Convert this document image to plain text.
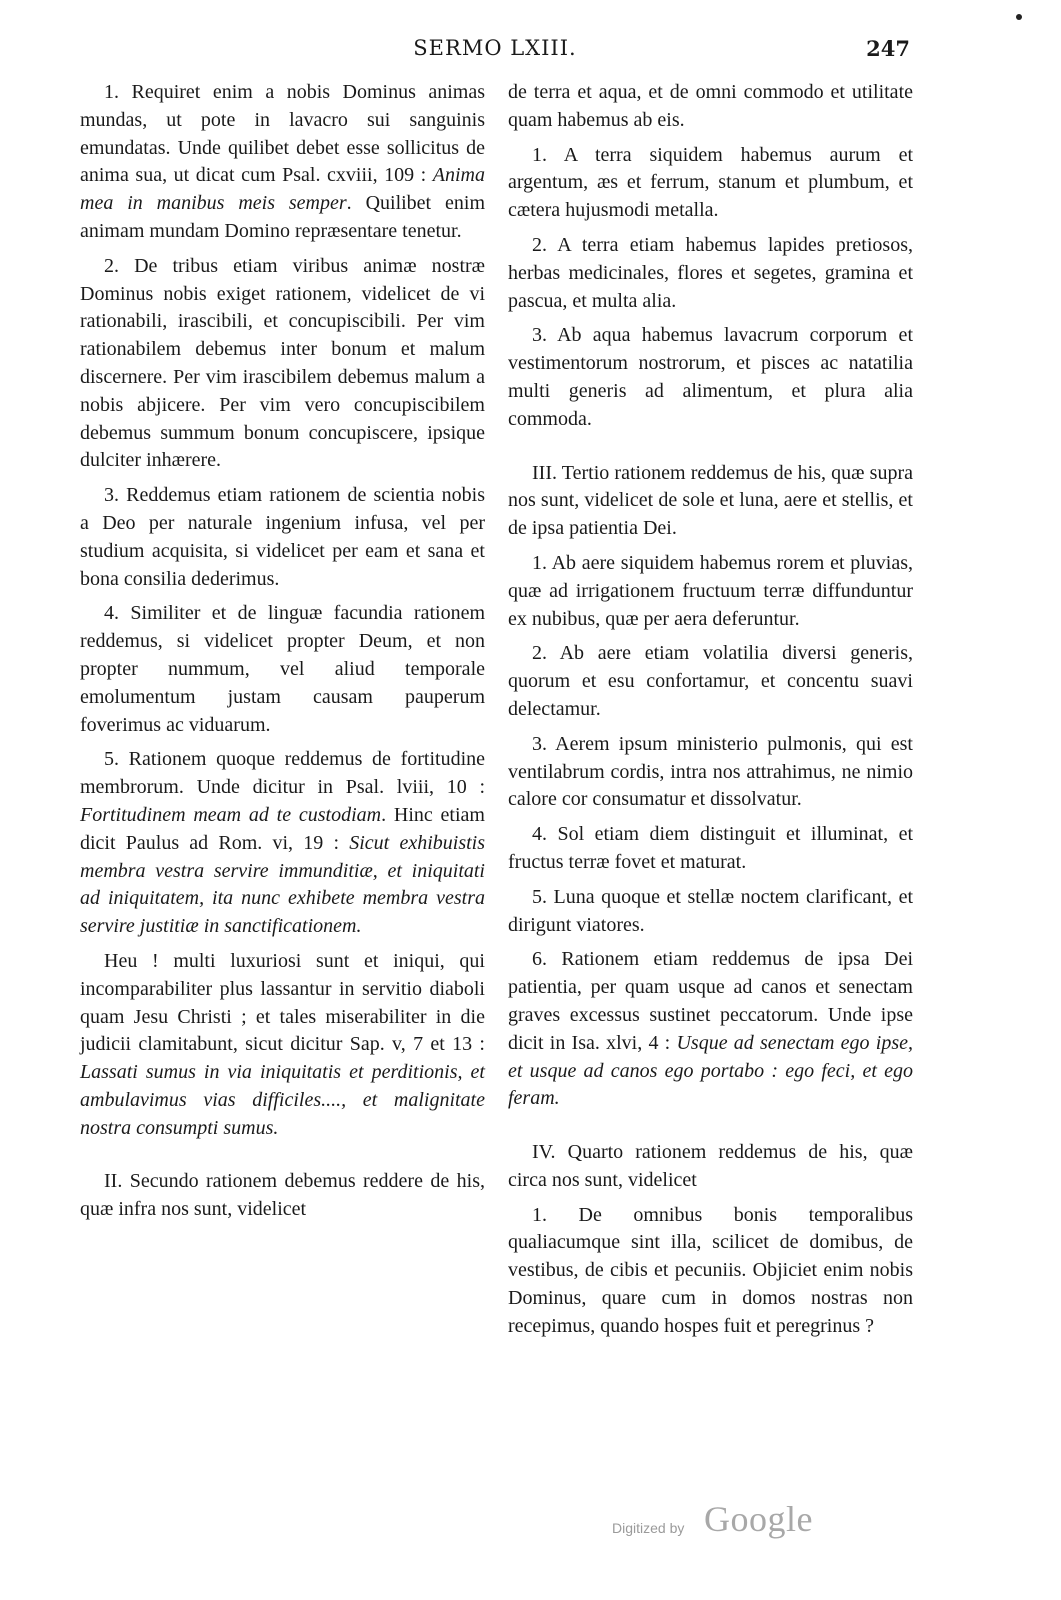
SERMO LXIII.	247

1. Requiret enim a nobis Dominus animas mundas, ut pote in lavacro sui sanguinis emundatas. Unde quilibet debet esse sollicitus de anima sua, ut dicat cum Psal. cxviii, 109 : Anima mea in manibus meis semper. Quilibet enim animam mundam Domino repræsentare tenetur.

2. De tribus etiam viribus animæ nostræ Dominus nobis exiget rationem, videlicet de vi rationabili, irascibili, et concupiscibili. Per vim rationabilem debemus inter bonum et malum discernere. Per vim irascibilem debemus malum a nobis abjicere. Per vim vero concupiscibilem debemus summum bonum concupiscere, ipsique dulciter inhærere.

3. Reddemus etiam rationem de scientia nobis a Deo per naturale ingenium infusa, vel per studium acquisita, si videlicet per eam et sana et bona consilia dederimus.

4. Similiter et de linguæ facundia rationem reddemus, si videlicet propter Deum, et non propter nummum, vel aliud temporale emolumentum justam causam pauperum foverimus ac viduarum.

5. Rationem quoque reddemus de fortitudine membrorum. Unde dicitur in Psal. lviii, 10 : Fortitudinem meam ad te custodiam. Hinc etiam dicit Paulus ad Rom. vi, 19 : Sicut exhibuistis membra vestra servire immunditiæ, et iniquitati ad iniquitatem, ita nunc exhibete membra vestra servire justitiæ in sanctificationem.

Heu ! multi luxuriosi sunt et iniqui, qui incomparabiliter plus lassantur in servitio diaboli quam Jesu Christi ; et tales miserabiliter in die judicii clamitabunt, sicut dicitur Sap. v, 7 et 13 : Lassati sumus in via iniquitatis et perditionis, et ambulavimus vias difficiles...., et malignitate nostra consumpti sumus.

II. Secundo rationem debemus reddere de his, quæ infra nos sunt, videlicet

de terra et aqua, et de omni commodo et utilitate quam habemus ab eis.

1. A terra siquidem habemus aurum et argentum, æs et ferrum, stanum et plumbum, et cætera hujusmodi metalla.

2. A terra etiam habemus lapides pretiosos, herbas medicinales, flores et segetes, gramina et pascua, et multa alia.

3. Ab aqua habemus lavacrum corporum et vestimentorum nostrorum, et pisces ac natatilia multi generis ad alimentum, et plura alia commoda.

III. Tertio rationem reddemus de his, quæ supra nos sunt, videlicet de sole et luna, aere et stellis, et de ipsa patientia Dei.

1. Ab aere siquidem habemus rorem et pluvias, quæ ad irrigationem fructuum terræ diffunduntur ex nubibus, quæ per aera deferuntur.

2. Ab aere etiam volatilia diversi generis, quorum et esu confortamur, et concentu suavi delectamur.

3. Aerem ipsum ministerio pulmonis, qui est ventilabrum cordis, intra nos attrahimus, ne nimio calore cor consumatur et dissolvatur.

4. Sol etiam diem distinguit et illuminat, et fructus terræ fovet et maturat.

5. Luna quoque et stellæ noctem clarificant, et dirigunt viatores.

6. Rationem etiam reddemus de ipsa Dei patientia, per quam usque ad canos et senectam graves excessus sustinet peccatorum. Unde ipse dicit in Isa. xlvi, 4 : Usque ad senectam ego ipse, et usque ad canos ego portabo : ego feci, et ego feram.

IV. Quarto rationem reddemus de his, quæ circa nos sunt, videlicet

1. De omnibus bonis temporalibus qualiacumque sint illa, scilicet de domibus, de vestibus, de cibis et pecuniis. Objiciet enim nobis Dominus, quare cum in domos nostras non recepimus, quando hospes fuit et peregrinus ?

Digitized by Google
